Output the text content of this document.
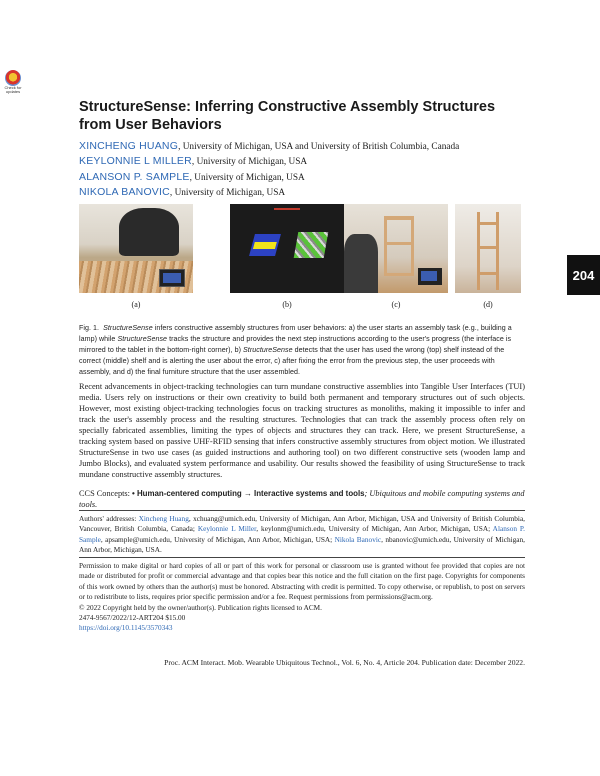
Check for updates
204
StructureSense: Inferring Constructive Assembly Structures from User Behaviors
XINCHENG HUANG, University of Michigan, USA and University of British Columbia, Canada
KEYLONNIE L MILLER, University of Michigan, USA
ALANSON P. SAMPLE, University of Michigan, USA
NIKOLA BANOVIC, University of Michigan, USA
(a)	(b)	(c)	(d)
Fig. 1. StructureSense infers constructive assembly structures from user behaviors: a) the user starts an assembly task (e.g., building a lamp) while StructureSense tracks the structure and provides the next step instructions according to the user's progress (the interface is mirrored to the tablet in the bottom-right corner), b) StructureSense detects that the user has used the wrong (top) shelf instead of the correct (middle) shelf and is alerting the user about the error, c) after fixing the error from the previous step, the user proceeds with assembly, and d) the final furniture structure that the user assembled.
Recent advancements in object-tracking technologies can turn mundane constructive assemblies into Tangible User Interfaces (TUI) media. Users rely on instructions or their own creativity to build both permanent and temporary structures out of such objects. However, most existing object-tracking technologies focus on tracking structures as monoliths, making it impossible to infer and track the user's assembly process and the resulting structures. Technologies that can track the assembly process often rely on specially fabricated assemblies, limiting the types of objects and structures they can track. Here, we present StructureSense, a tracking system based on passive UHF-RFID sensing that infers constructive assembly structures from object motion. We illustrated StructureSense in two use cases (as guided instructions and authoring tool) on two different constructive sets (wooden lamp and Jumbo Blocks), and evaluated system performance and usability. Our results showed the feasibility of using StructureSense to track mundane constructive assembly structures.
CCS Concepts: • Human-centered computing → Interactive systems and tools; Ubiquitous and mobile computing systems and tools.
Authors' addresses: Xincheng Huang, xchuang@umich.edu, University of Michigan, Ann Arbor, Michigan, USA and University of British Columbia, Vancouver, British Columbia, Canada; Keylonnie L Miller, keylonm@umich.edu, University of Michigan, Ann Arbor, Michigan, USA; Alanson P. Sample, apsample@umich.edu, University of Michigan, Ann Arbor, Michigan, USA; Nikola Banovic, nbanovic@umich.edu, University of Michigan, Ann Arbor, Michigan, USA.
Permission to make digital or hard copies of all or part of this work for personal or classroom use is granted without fee provided that copies are not made or distributed for profit or commercial advantage and that copies bear this notice and the full citation on the first page. Copyrights for components of this work owned by others than the author(s) must be honored. Abstracting with credit is permitted. To copy otherwise, or republish, to post on servers or to redistribute to lists, requires prior specific permission and/or a fee. Request permissions from permissions@acm.org.
© 2022 Copyright held by the owner/author(s). Publication rights licensed to ACM.
2474-9567/2022/12-ART204 $15.00
https://doi.org/10.1145/3570343
Proc. ACM Interact. Mob. Wearable Ubiquitous Technol., Vol. 6, No. 4, Article 204. Publication date: December 2022.
